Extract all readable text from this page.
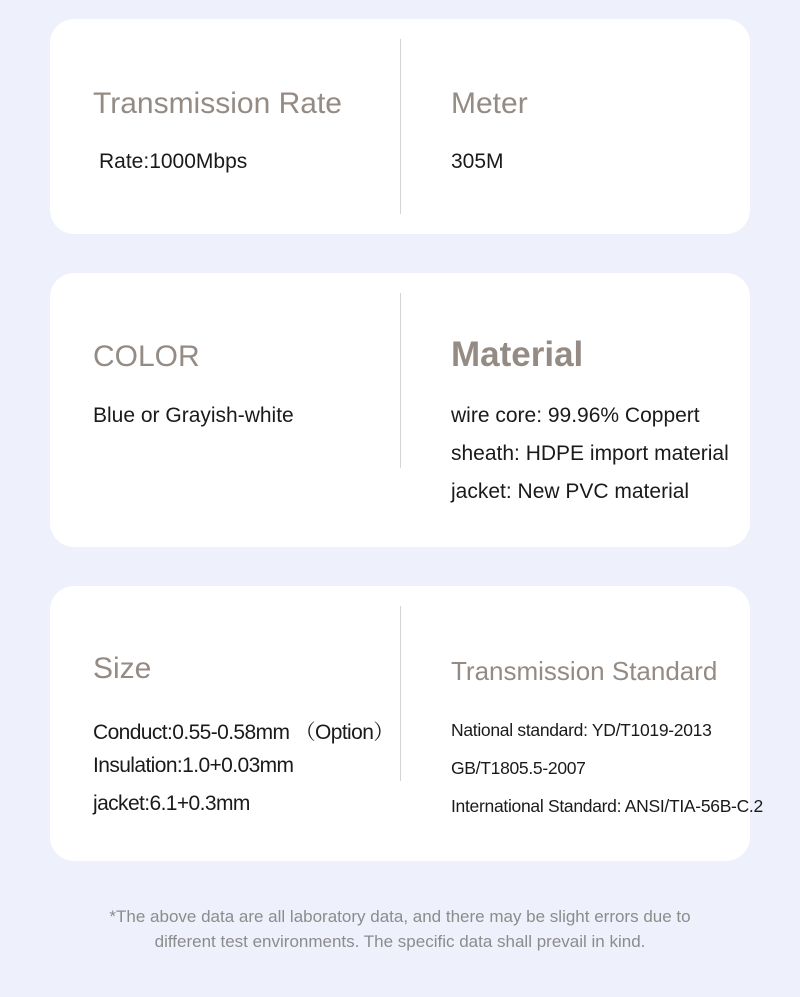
Transmission Rate
Rate:1000Mbps
Meter
305M
COLOR
Blue or Grayish-white
Material
wire core: 99.96% Coppert
sheath: HDPE import material
jacket: New PVC material
Size
Conduct:0.55-0.58mm （Option）
Insulation:1.0+0.03mm
jacket:6.1+0.3mm
Transmission Standard
National standard: YD/T1019-2013
GB/T1805.5-2007
International Standard: ANSI/TIA-56B-C.2
*The above data are all laboratory data, and there may be slight errors due to
different test environments. The specific data shall prevail in kind.
